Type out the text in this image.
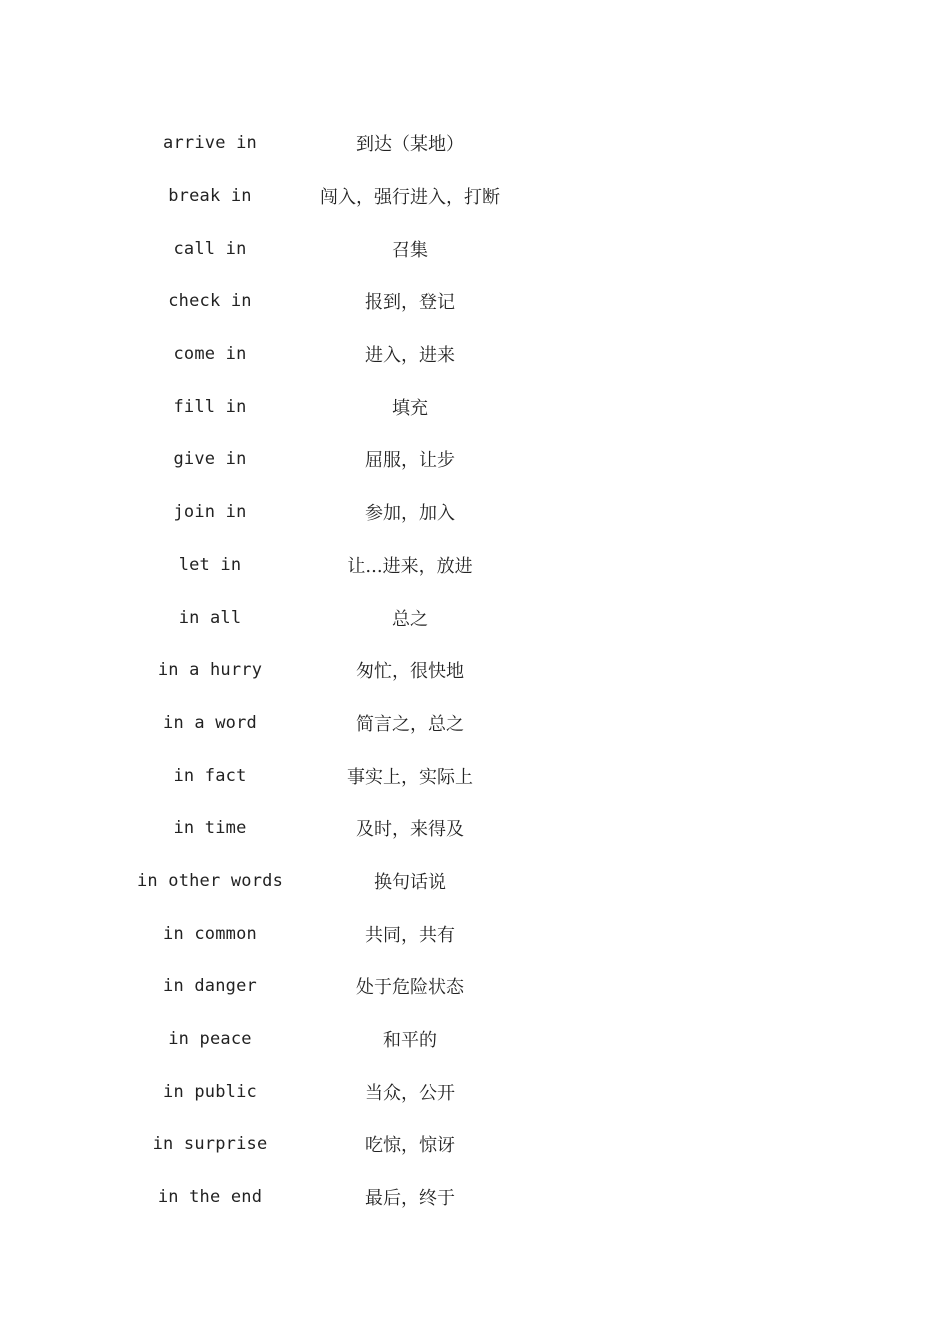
arrive in	到达（某地）
break in	闯入，强行进入，打断
call in	召集
check in	报到，登记
come in	进入，进来
fill in	填充
give in	屈服，让步
join in	参加，加入
let in	让...进来，放进
in all	总之
in a hurry	匆忙，很快地
in a word	简言之，总之
in fact	事实上，实际上
in time	及时，来得及
in other words	换句话说
in common	共同，共有
in danger	处于危险状态
in peace	和平的
in public	当众，公开
in surprise	吃惊，惊讶
in the end	最后，终于
